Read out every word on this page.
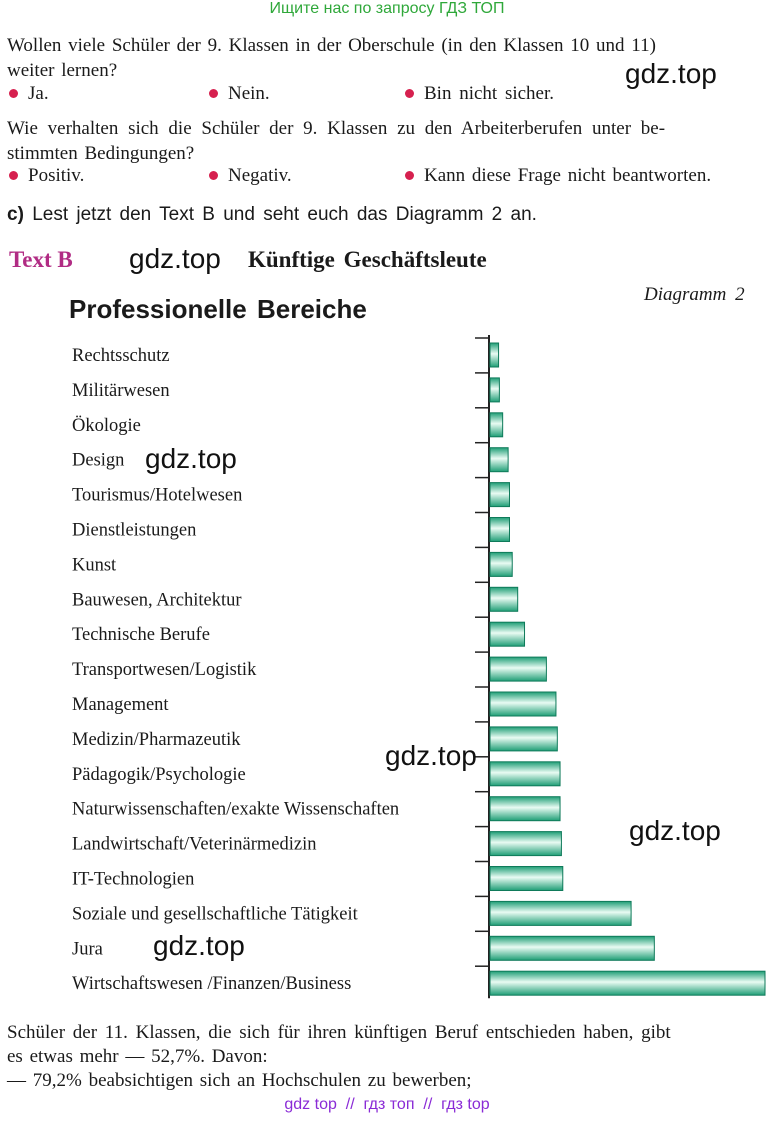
Ищите нас по запросу ГДЗ ТОП
Wollen viele Schüler der 9. Klassen in der Oberschule (in den Klassen 10 und 11)
weiter lernen?
Ja.	Nein.	Bin nicht sicher.
gdz.top
Wie verhalten sich die Schüler der 9. Klassen zu den Arbeiterberufen unter be-
stimmten Bedingungen?
Positiv.	Negativ.	Kann diese Frage nicht beantworten.
c) Lest jetzt den Text B und seht euch das Diagramm 2 an.
Text B gdz.top Künftige Geschäftsleute
Diagramm 2
Professionelle Bereiche
Rechtsschutz
Militärwesen
Ökologie
Design
Tourismus/Hotelwesen
Dienstleistungen
Kunst
Bauwesen, Architektur
Technische Berufe
Transportwesen/Logistik
Management
Medizin/Pharmazeutik
Pädagogik/Psychologie
Naturwissenschaften/exakte Wissenschaften
Landwirtschaft/Veterinärmedizin
IT-Technologien
Soziale und gesellschaftliche Tätigkeit
Jura
Wirtschaftswesen /Finanzen/Business
gdz.top
gdz.top
gdz.top
gdz.top
Schüler der 11. Klassen, die sich für ihren künftigen Beruf entschieden haben, gibt
es etwas mehr — 52,7%. Davon:
— 79,2% beabsichtigen sich an Hochschulen zu bewerben;
gdz top  //  гдз топ  //  гдз top
